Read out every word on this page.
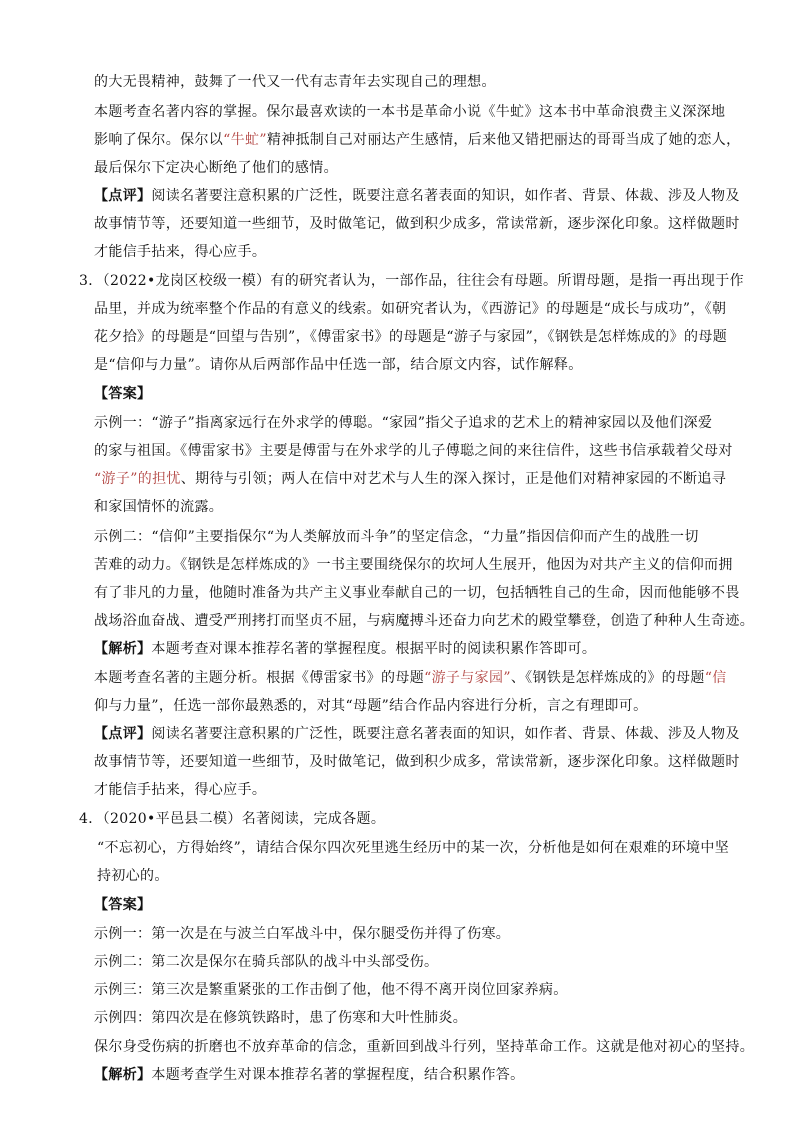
的大无畏精神，鼓舞了一代又一代有志青年去实现自己的理想。
本题考查名著内容的掌握。保尔最喜欢读的一本书是革命小说《牛虻》这本书中革命浪费主义深深地
影响了保尔。保尔以“牛虻”精神抵制自己对丽达产生感情，后来他又错把丽达的哥哥当成了她的恋人，
最后保尔下定决心断绝了他们的感情。
【点评】阅读名著要注意积累的广泛性，既要注意名著表面的知识，如作者、背景、体裁、涉及人物及
故事情节等，还要知道一些细节，及时做笔记，做到积少成多，常读常新，逐步深化印象。这样做题时
才能信手拈来，得心应手。
3．（2022•龙岗区校级一模）有的研究者认为，一部作品，往往会有母题。所谓母题，是指一再出现于作
品里，并成为统率整个作品的有意义的线索。如研究者认为，《西游记》的母题是“成长与成功”，《朝
花夕拾》的母题是“回望与告别”，《傅雷家书》的母题是“游子与家园”，《钢铁是怎样炼成的》的母题
是“信仰与力量”。请你从后两部作品中任选一部，结合原文内容，试作解释。
【答案】
示例一：“游子”指离家远行在外求学的傅聪。“家园”指父子追求的艺术上的精神家园以及他们深爱
的家与祖国。《傅雷家书》主要是傅雷与在外求学的儿子傅聪之间的来往信件，这些书信承载着父母对
“游子”的担忧、期待与引领；两人在信中对艺术与人生的深入探讨，正是他们对精神家园的不断追寻
和家国情怀的流露。
示例二：“信仰”主要指保尔“为人类解放而斗争”的坚定信念，“力量”指因信仰而产生的战胜一切
苦难的动力。《钢铁是怎样炼成的》一书主要围绕保尔的坎坷人生展开，他因为对共产主义的信仰而拥
有了非凡的力量，他随时准备为共产主义事业奉献自己的一切，包括牺牲自己的生命，因而他能够不畏
战场浴血奋战、遭受严刑拷打而坚贞不屈，与病魔搏斗还奋力向艺术的殿堂攀登，创造了种种人生奇迹。
【解析】本题考查对课本推荐名著的掌握程度。根据平时的阅读积累作答即可。
本题考查名著的主题分析。根据《傅雷家书》的母题“游子与家园”、《钢铁是怎样炼成的》的母题“信
仰与力量”，任选一部你最熟悉的，对其“母题”结合作品内容进行分析，言之有理即可。
【点评】阅读名著要注意积累的广泛性，既要注意名著表面的知识，如作者、背景、体裁、涉及人物及
故事情节等，还要知道一些细节，及时做笔记，做到积少成多，常读常新，逐步深化印象。这样做题时
才能信手拈来，得心应手。
4．（2020•平邑县二模）名著阅读，完成各题。
“不忘初心，方得始终”，请结合保尔四次死里逃生经历中的某一次，分析他是如何在艰难的环境中坚
持初心的。
【答案】
示例一：第一次是在与波兰白军战斗中，保尔腿受伤并得了伤寒。
示例二：第二次是保尔在骑兵部队的战斗中头部受伤。
示例三：第三次是繁重紧张的工作击倒了他，他不得不离开岗位回家养病。
示例四：第四次是在修筑铁路时，患了伤寒和大叶性肺炎。
保尔身受伤病的折磨也不放弃革命的信念，重新回到战斗行列，坚持革命工作。这就是他对初心的坚持。
【解析】本题考查学生对课本推荐名著的掌握程度，结合积累作答。
